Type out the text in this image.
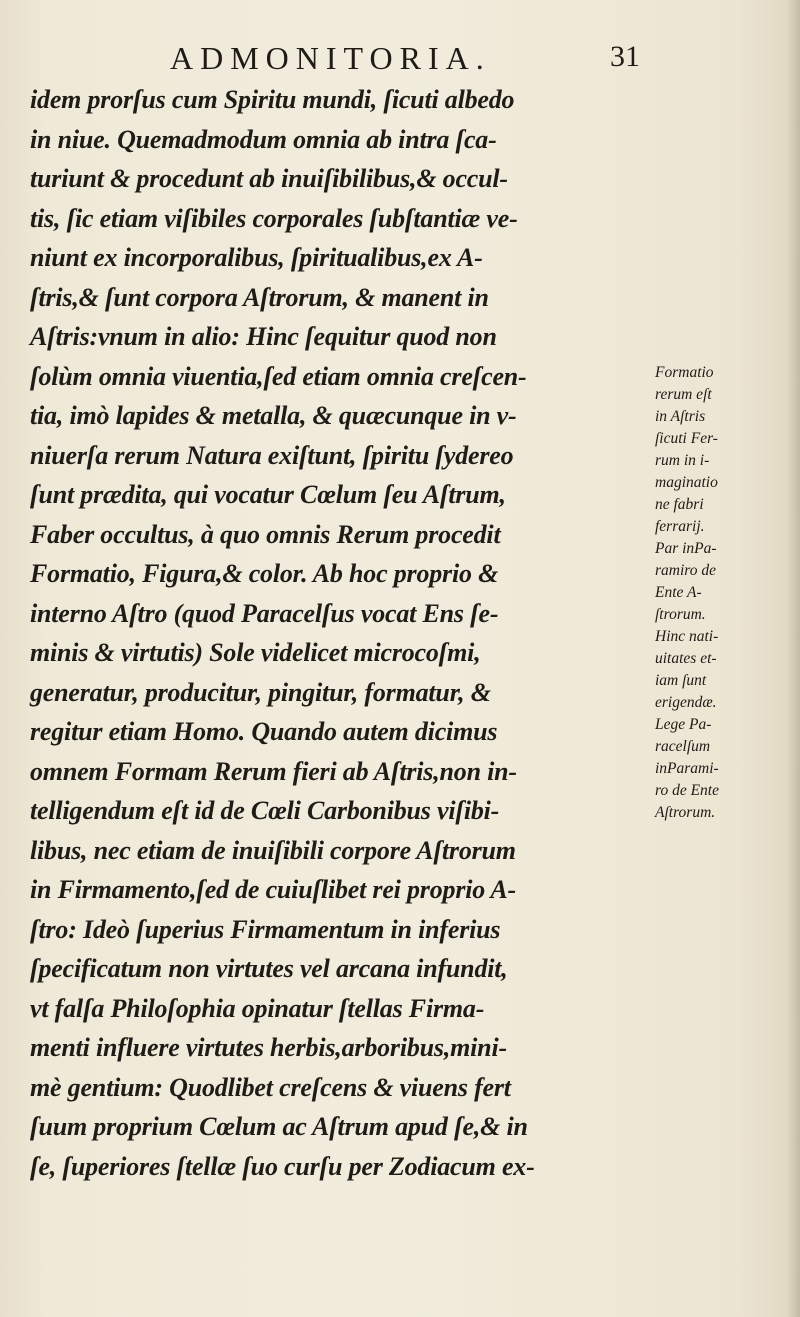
ADMONITORIA.	31
idem prorſus cum Spiritu mundi, ſicuti albedo
in niue. Quemadmodum omnia ab intra ſca-
turiunt & procedunt ab inuiſibilibus,& occul-
tis, ſic etiam viſibiles corporales ſubſtantiæ ve-
niunt ex incorporalibus, ſpiritualibus,ex A-
ſtris,& ſunt corpora Aſtrorum, & manent in
Aſtris:vnum in alio: Hinc ſequitur quod non
ſolùm omnia viuentia,ſed etiam omnia creſcen-
tia, imò lapides & metalla, & quæcunque in v-
niuerſa rerum Natura exiſtunt, ſpiritu ſydereo
ſunt prædita, qui vocatur Cœlum ſeu Aſtrum,
Faber occultus, à quo omnis Rerum procedit
Formatio, Figura,& color. Ab hoc proprio &
interno Aſtro (quod Paracelſus vocat Ens ſe-
minis & virtutis) Sole videlicet microcoſmi,
generatur, producitur, pingitur, formatur, &
regitur etiam Homo. Quando autem dicimus
omnem Formam Rerum fieri ab Aſtris,non in-
telligendum eſt id de Cœli Carbonibus viſibi-
libus, nec etiam de inuiſibili corpore Aſtrorum
in Firmamento,ſed de cuiuſlibet rei proprio A-
ſtro: Ideò ſuperius Firmamentum in inferius
ſpecificatum non virtutes vel arcana infundit,
vt falſa Philoſophia opinatur ſtellas Firma-
menti influere virtutes herbis,arboribus,mini-
mè gentium: Quodlibet creſcens & viuens fert
ſuum proprium Cœlum ac Aſtrum apud ſe,& in
ſe, ſuperiores ſtellæ ſuo curſu per Zodiacum ex-
Formatio
rerum eſt
in Aſtris
ſicuti Fer-
rum in i-
maginatio
ne fabri
ferrarij.
Par inPa-
ramiro de
Ente A-
ſtrorum.
Hinc nati-
uitates et-
iam ſunt
erigendæ.
Lege Pa-
racelſum
inParami-
ro de Ente
Aſtrorum.
